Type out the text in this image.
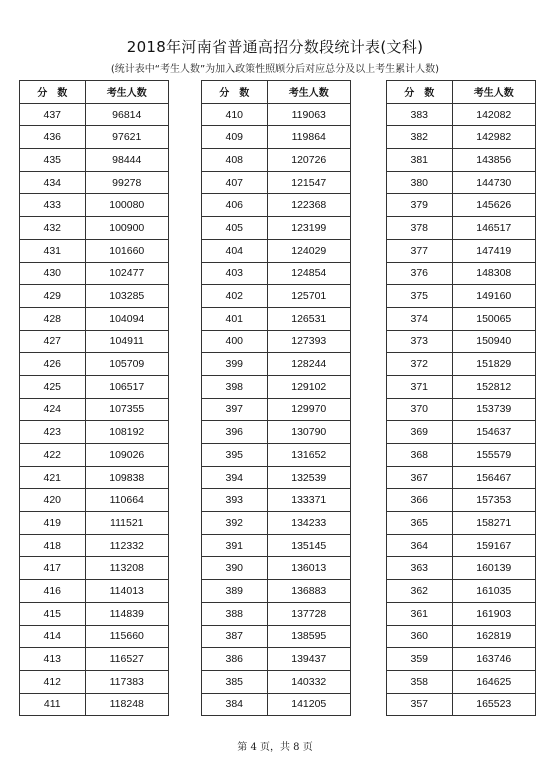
2018年河南省普通高招分数段统计表(文科)
(统计表中“考生人数”为加入政策性照顾分后对应总分及以上考生累计人数)
分　数	考生人数
437	96814
436	97621
435	98444
434	99278
433	100080
432	100900
431	101660
430	102477
429	103285
428	104094
427	104911
426	105709
425	106517
424	107355
423	108192
422	109026
421	109838
420	110664
419	111521
418	112332
417	113208
416	114013
415	114839
414	115660
413	116527
412	117383
411	118248
分　数	考生人数
410	119063
409	119864
408	120726
407	121547
406	122368
405	123199
404	124029
403	124854
402	125701
401	126531
400	127393
399	128244
398	129102
397	129970
396	130790
395	131652
394	132539
393	133371
392	134233
391	135145
390	136013
389	136883
388	137728
387	138595
386	139437
385	140332
384	141205
分　数	考生人数
383	142082
382	142982
381	143856
380	144730
379	145626
378	146517
377	147419
376	148308
375	149160
374	150065
373	150940
372	151829
371	152812
370	153739
369	154637
368	155579
367	156467
366	157353
365	158271
364	159167
363	160139
362	161035
361	161903
360	162819
359	163746
358	164625
357	165523
第 4 页，共 8 页
